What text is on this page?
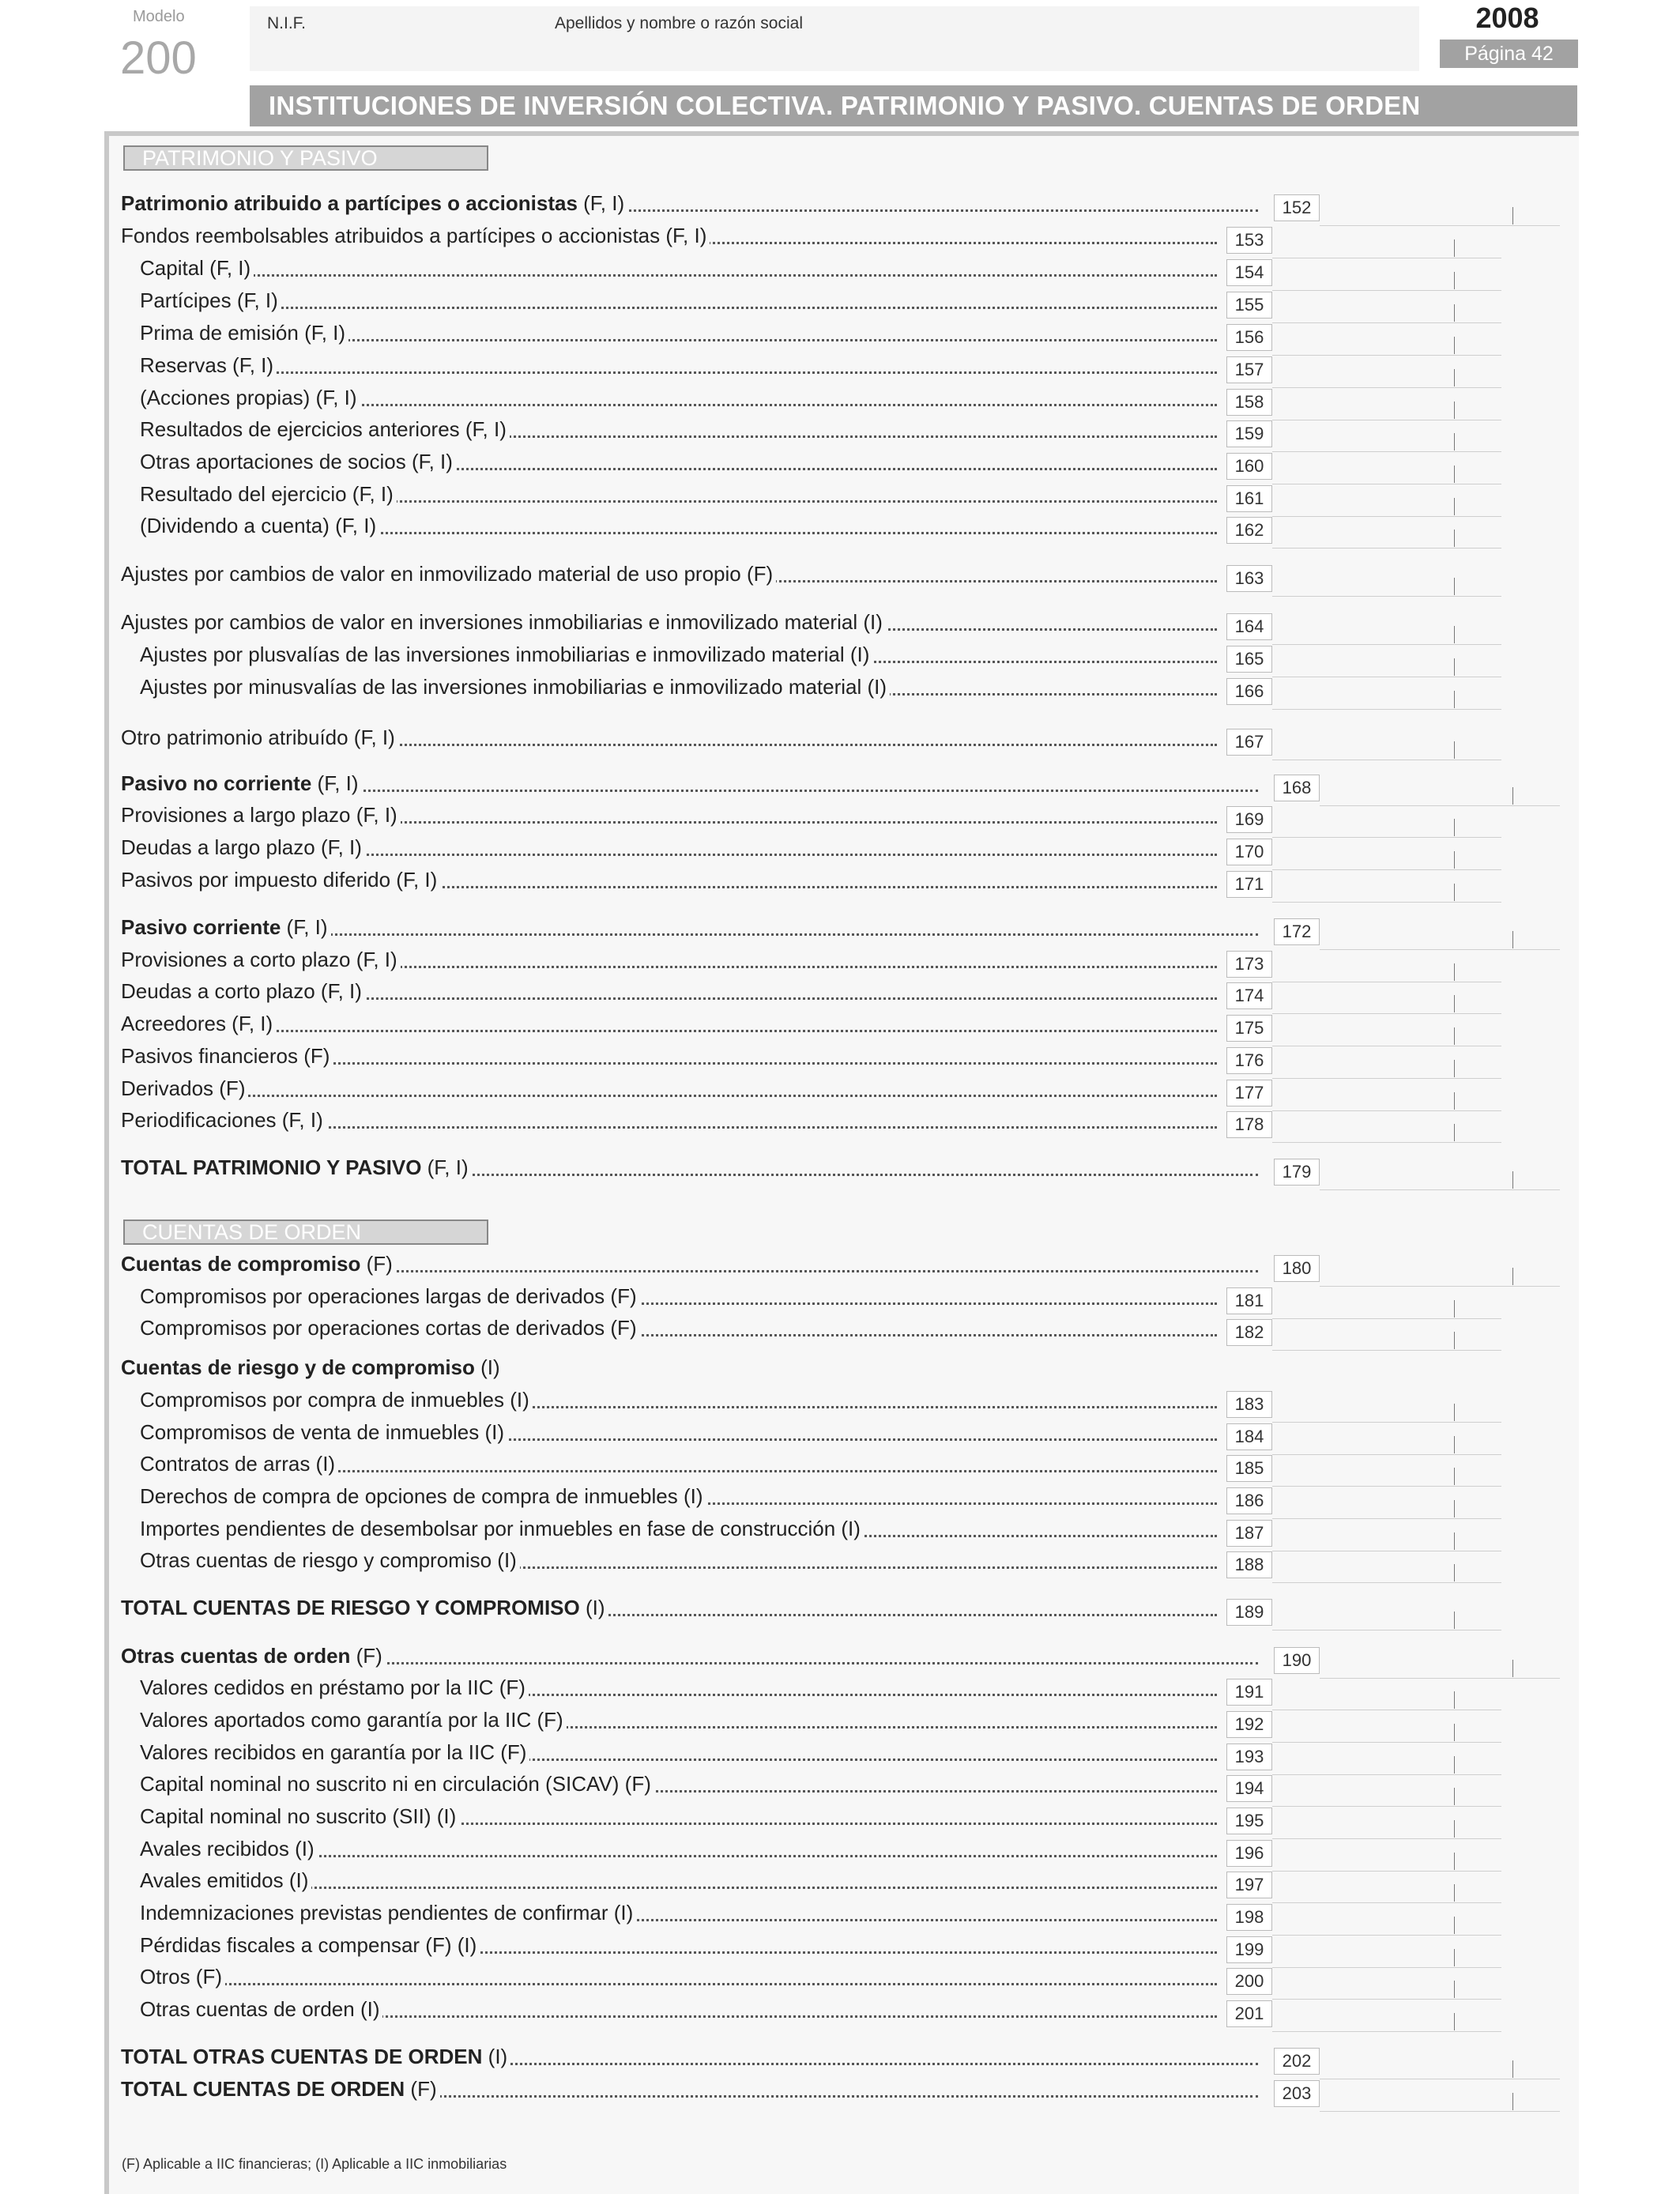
Modelo
200
N.I.F.	Apellidos y nombre o razón social	2008
Página 42
INSTITUCIONES DE INVERSIÓN COLECTIVA. PATRIMONIO Y PASIVO. CUENTAS DE ORDEN
PATRIMONIO Y PASIVO
CUENTAS DE ORDEN
Patrimonio atribuido a partícipes o accionistas (F, I)	152
Fondos reembolsables atribuidos a partícipes o accionistas (F, I)	153
Capital (F, I)	154
Partícipes (F, I)	155
Prima de emisión (F, I)	156
Reservas (F, I)	157
(Acciones propias) (F, I)	158
Resultados de ejercicios anteriores (F, I)	159
Otras aportaciones de socios (F, I)	160
Resultado del ejercicio (F, I)	161
(Dividendo a cuenta) (F, I)	162
Ajustes por cambios de valor en inmovilizado material de uso propio (F)	163
Ajustes por cambios de valor en inversiones inmobiliarias e inmovilizado material (I)	164
Ajustes por plusvalías de las inversiones inmobiliarias e inmovilizado material (I)	165
Ajustes por minusvalías de las inversiones inmobiliarias e inmovilizado material (I)	166
Otro patrimonio atribuído (F, I)	167
Pasivo no corriente (F, I)	168
Provisiones a largo plazo (F, I)	169
Deudas a largo plazo (F, I)	170
Pasivos por impuesto diferido (F, I)	171
Pasivo corriente (F, I)	172
Provisiones a corto plazo (F, I)	173
Deudas a corto plazo (F, I)	174
Acreedores (F, I)	175
Pasivos financieros (F)	176
Derivados (F)	177
Periodificaciones (F, I)	178
TOTAL PATRIMONIO Y PASIVO (F, I)	179
Cuentas de compromiso (F)	180
Compromisos por operaciones largas de derivados (F)	181
Compromisos por operaciones cortas de derivados (F)	182
Cuentas de riesgo y de compromiso (I)
Compromisos por compra de inmuebles (I)	183
Compromisos de venta de inmuebles (I)	184
Contratos de arras (I)	185
Derechos de compra de opciones de compra de inmuebles (I)	186
Importes pendientes de desembolsar por inmuebles en fase de construcción (I)	187
Otras cuentas de riesgo y compromiso (I)	188
TOTAL CUENTAS DE RIESGO Y COMPROMISO (I)	189
Otras cuentas de orden (F)	190
Valores cedidos en préstamo por la IIC (F)	191
Valores aportados como garantía por la IIC (F)	192
Valores recibidos en garantía por la IIC (F)	193
Capital nominal no suscrito ni en circulación (SICAV) (F)	194
Capital nominal no suscrito (SII) (I)	195
Avales recibidos (I)	196
Avales emitidos (I)	197
Indemnizaciones previstas pendientes de confirmar (I)	198
Pérdidas fiscales a compensar (F) (I)	199
Otros (F)	200
Otras cuentas de orden (I)	201
TOTAL OTRAS CUENTAS DE ORDEN (I)	202
TOTAL CUENTAS DE ORDEN (F)	203
(F) Aplicable a IIC financieras; (I) Aplicable a IIC inmobiliarias
